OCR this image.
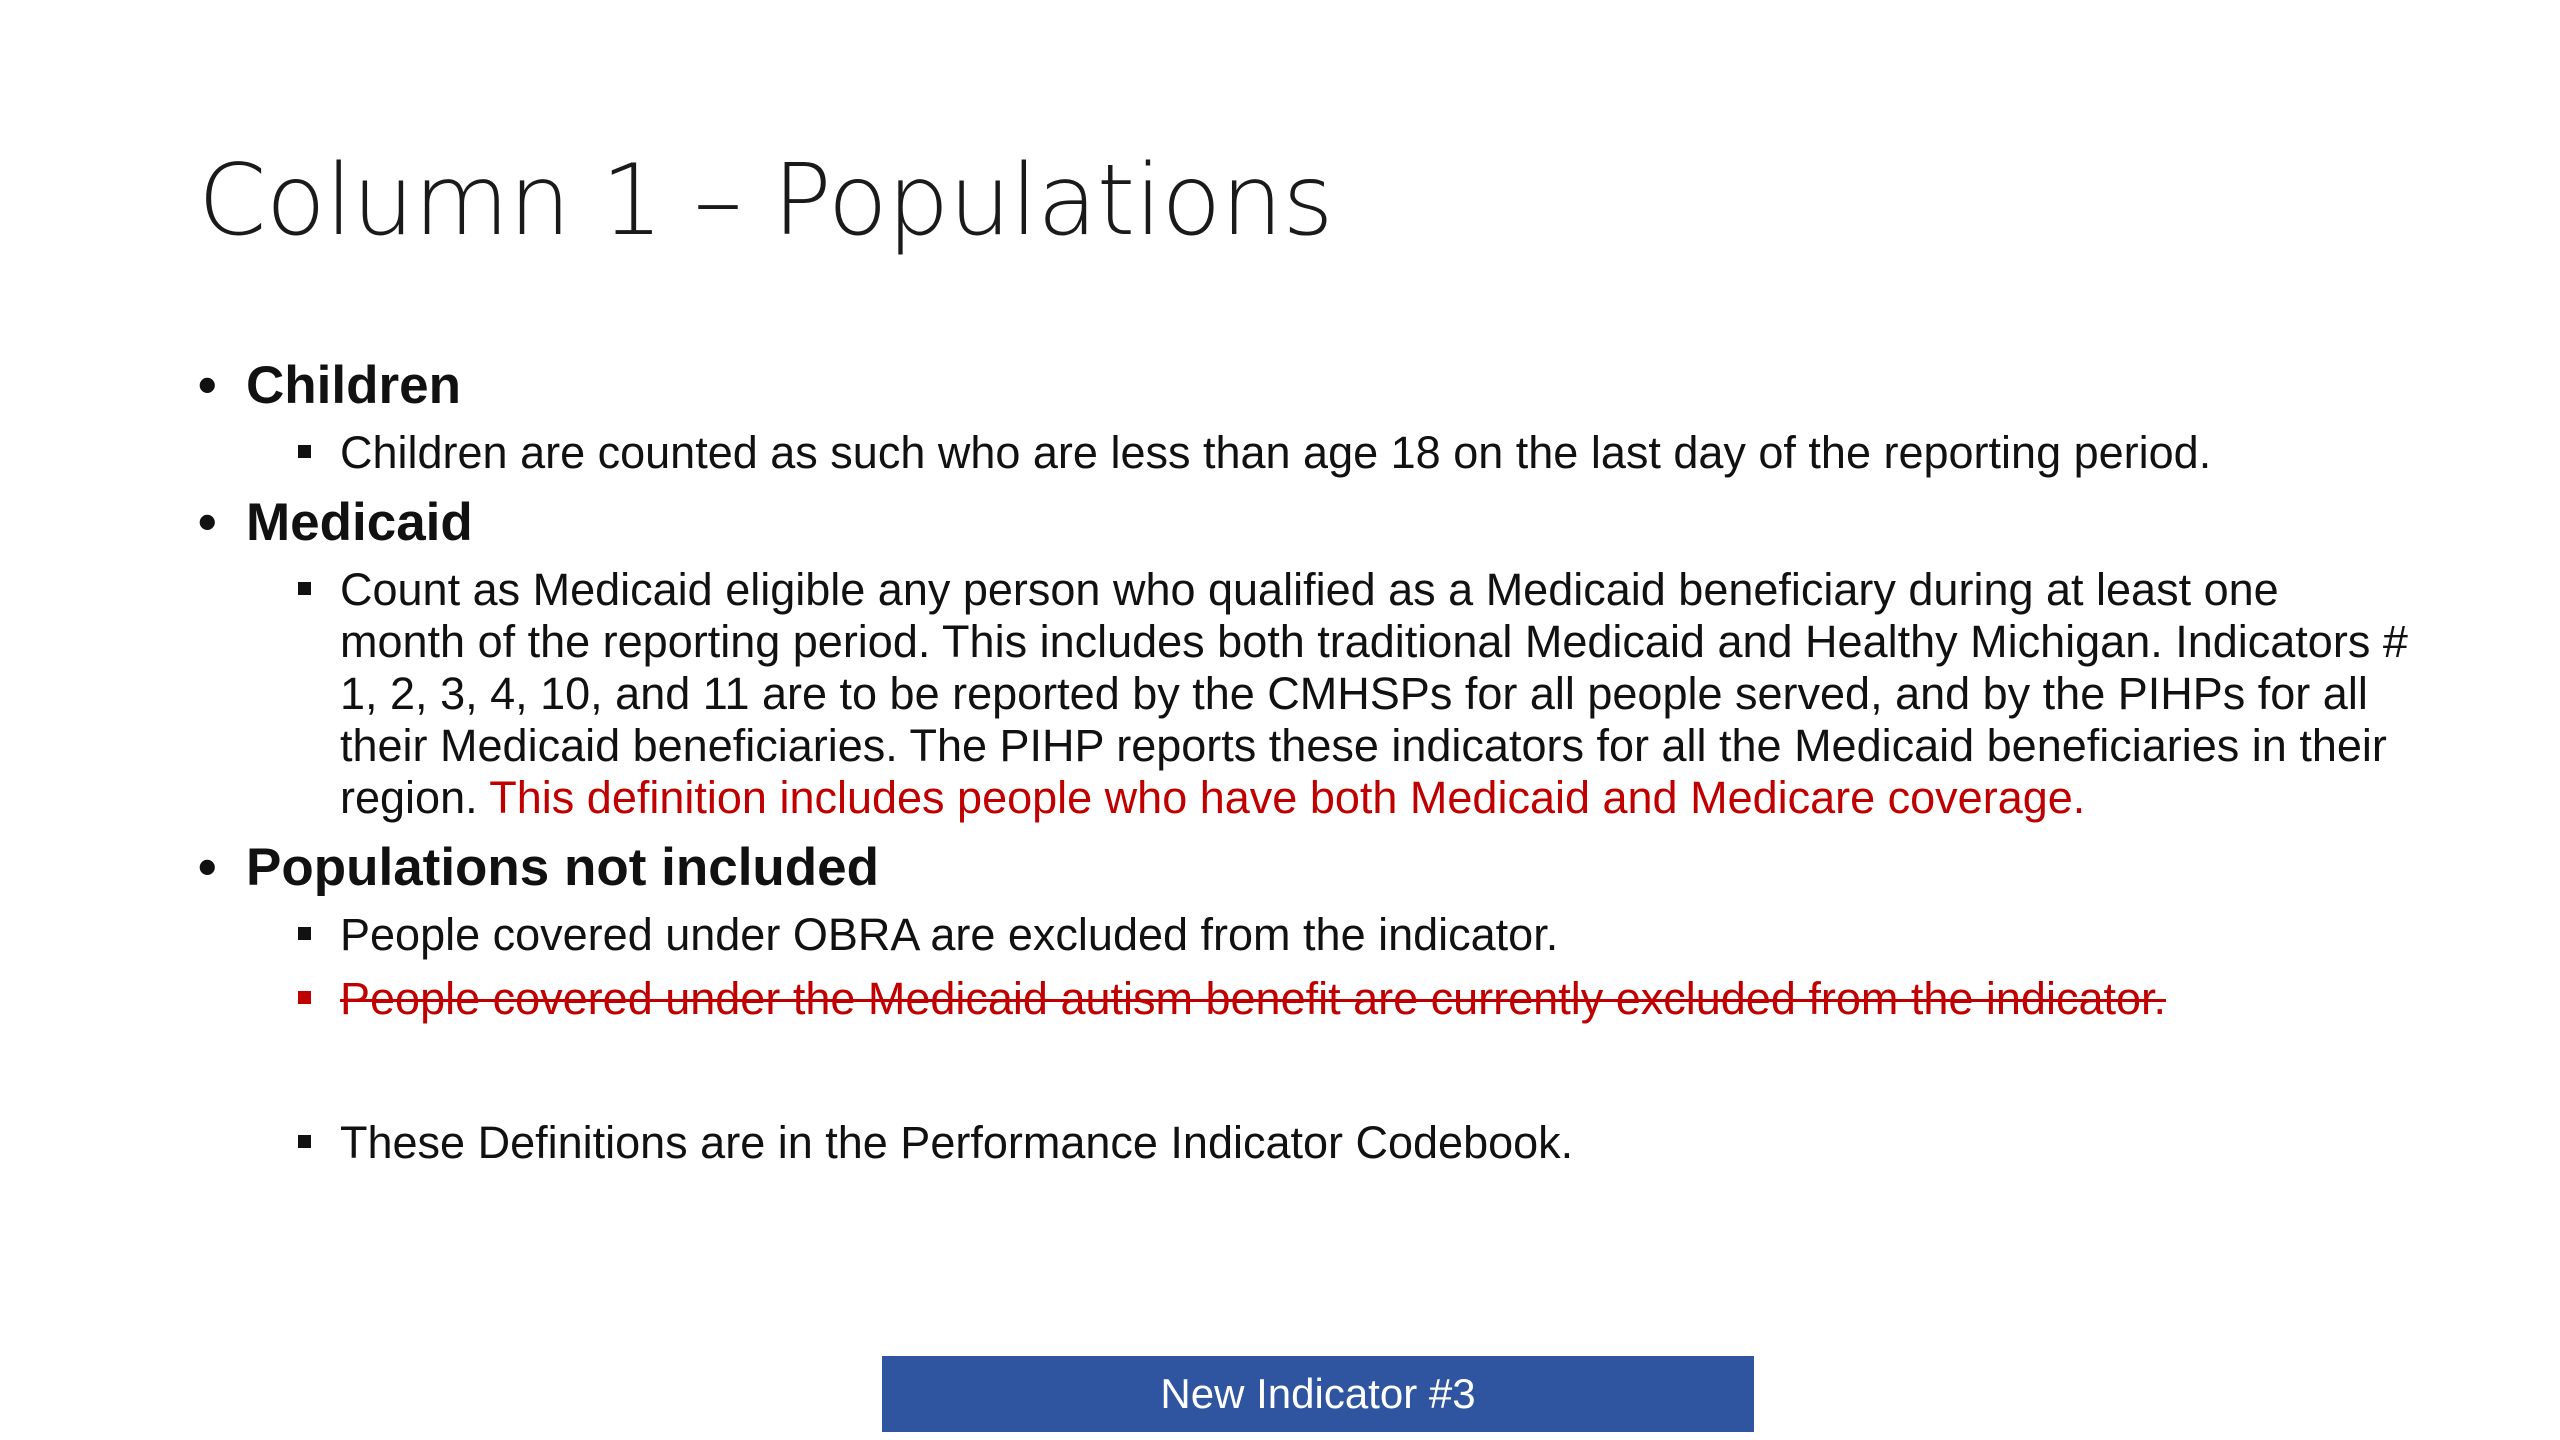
Column 1 – Populations
• Children
Children are counted as such who are less than age 18 on the last day of the reporting period.
• Medicaid
Count as Medicaid eligible any person who qualified as a Medicaid beneficiary during at least one month of the reporting period. This includes both traditional Medicaid and Healthy Michigan. Indicators # 1, 2, 3, 4, 10, and 11 are to be reported by the CMHSPs for all people served, and by the PIHPs for all their Medicaid beneficiaries. The PIHP reports these indicators for all the Medicaid beneficiaries in their region. This definition includes people who have both Medicaid and Medicare coverage.
• Populations not included
People covered under OBRA are excluded from the indicator.
People covered under the Medicaid autism benefit are currently excluded from the indicator.
These Definitions are in the Performance Indicator Codebook.
New Indicator #3
